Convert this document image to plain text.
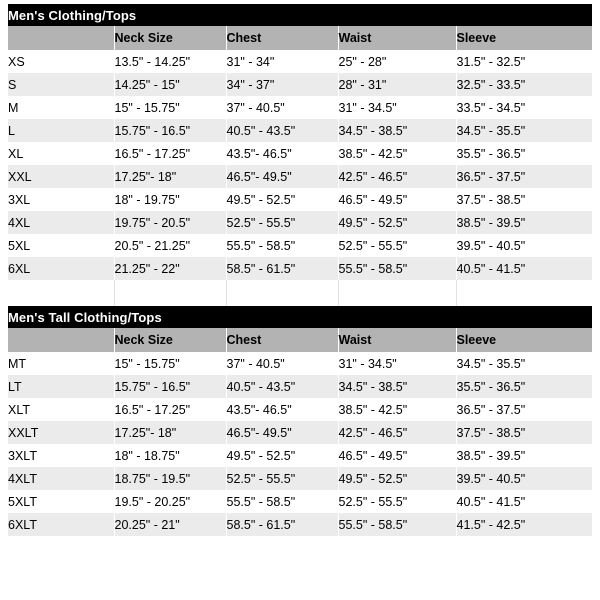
Men's Clothing/Tops				
	Neck Size	Chest	Waist	Sleeve
XS	13.5" - 14.25"	31" - 34"	25" - 28"	31.5" - 32.5"
S	14.25" - 15"	34" - 37"	28" - 31"	32.5" - 33.5"
M	15" - 15.75"	37" - 40.5"	31" - 34.5"	33.5" - 34.5"
L	15.75" - 16.5"	40.5" - 43.5"	34.5" - 38.5"	34.5" - 35.5"
XL	16.5" - 17.25"	43.5"- 46.5"	38.5" - 42.5"	35.5" - 36.5"
XXL	17.25"- 18"	46.5"- 49.5"	42.5" - 46.5"	36.5" - 37.5"
3XL	18" - 19.75"	49.5" - 52.5"	46.5" - 49.5"	37.5" - 38.5"
4XL	19.75" - 20.5"	52.5" - 55.5"	49.5" - 52.5"	38.5" - 39.5"
5XL	20.5" - 21.25"	55.5" - 58.5"	52.5" - 55.5"	39.5" - 40.5"
6XL	21.25" - 22"	58.5" - 61.5"	55.5" - 58.5"	40.5" - 41.5"
Men's Tall Clothing/Tops				
	Neck Size	Chest	Waist	Sleeve
MT	15" - 15.75"	37" - 40.5"	31" - 34.5"	34.5" - 35.5"
LT	15.75" - 16.5"	40.5" - 43.5"	34.5" - 38.5"	35.5" - 36.5"
XLT	16.5" - 17.25"	43.5"- 46.5"	38.5" - 42.5"	36.5" - 37.5"
XXLT	17.25"- 18"	46.5"- 49.5"	42.5" - 46.5"	37.5" - 38.5"
3XLT	18" - 18.75"	49.5" - 52.5"	46.5" - 49.5"	38.5" - 39.5"
4XLT	18.75" - 19.5"	52.5" - 55.5"	49.5" - 52.5"	39.5" - 40.5"
5XLT	19.5" - 20.25"	55.5" - 58.5"	52.5" - 55.5"	40.5" - 41.5"
6XLT	20.25" - 21"	58.5" - 61.5"	55.5" - 58.5"	41.5" - 42.5"
